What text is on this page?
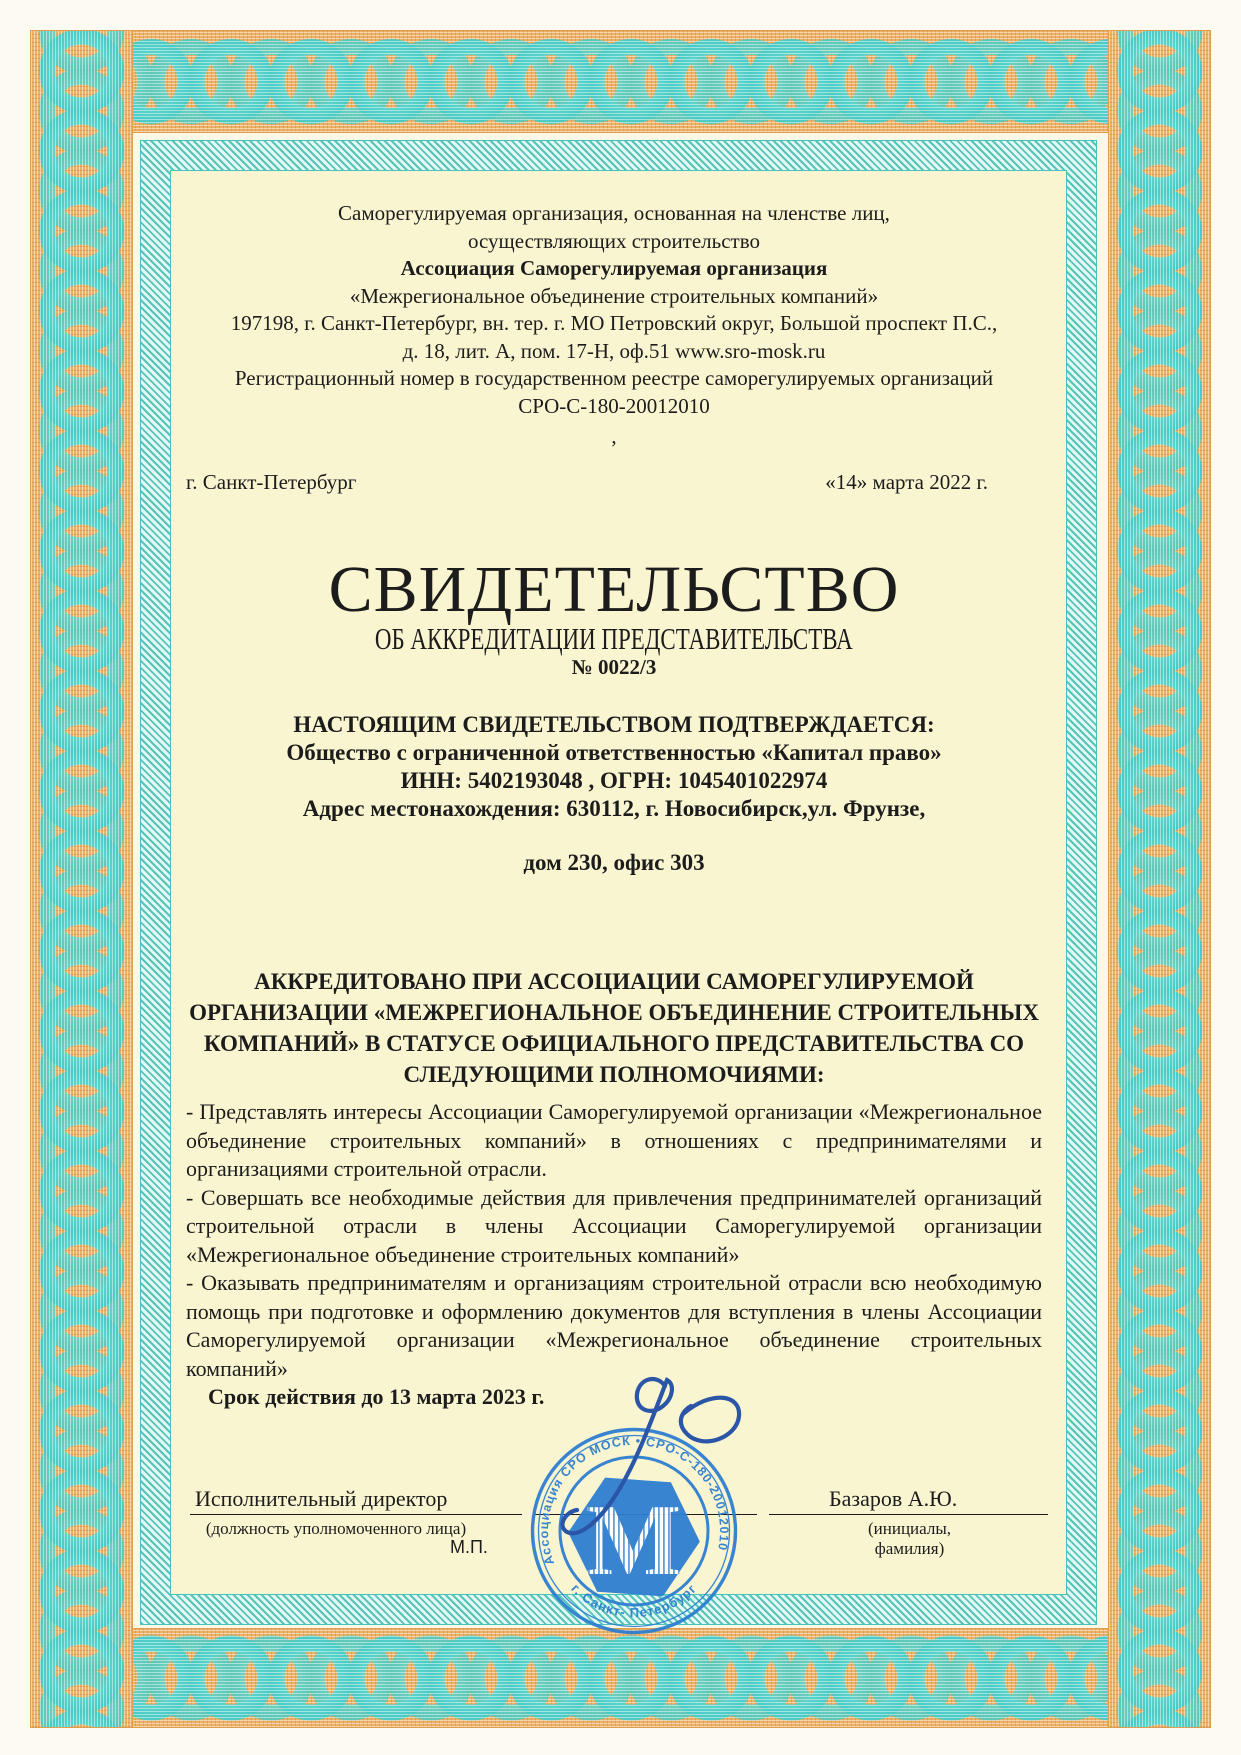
Саморегулируемая организация, основанная на членстве лиц,
осуществляющих строительство
Ассоциация Саморегулируемая организация
«Межрегиональное объединение строительных компаний»
197198, г. Санкт-Петербург, вн. тер. г. МО Петровский округ, Большой проспект П.С.,
д. 18, лит. А, пом. 17-Н, оф.51 www.sro-mosk.ru
Регистрационный номер в государственном реестре саморегулируемых организаций
СРО-С-180-20012010
,
г. Санкт-Петербург	«14» марта 2022 г.
СВИДЕТЕЛЬСТВО
ОБ АККРЕДИТАЦИИ ПРЕДСТАВИТЕЛЬСТВА
№ 0022/3
НАСТОЯЩИМ СВИДЕТЕЛЬСТВОМ ПОДТВЕРЖДАЕТСЯ:
Общество с ограниченной ответственностью «Капитал право»
ИНН: 5402193048 , ОГРН: 1045401022974
Адрес местонахождения: 630112, г. Новосибирск,ул. Фрунзе,
дом 230, офис 303
АККРЕДИТОВАНО ПРИ АССОЦИАЦИИ САМОРЕГУЛИРУЕМОЙ
ОРГАНИЗАЦИИ «МЕЖРЕГИОНАЛЬНОЕ ОБЪЕДИНЕНИЕ СТРОИТЕЛЬНЫХ
КОМПАНИЙ» В СТАТУСЕ ОФИЦИАЛЬНОГО ПРЕДСТАВИТЕЛЬСТВА СО
СЛЕДУЮЩИМИ ПОЛНОМОЧИЯМИ:

- Представлять интересы Ассоциации Саморегулируемой организации «Межрегиональное объединение строительных компаний» в отношениях с предпринимателями и организациями строительной отрасли.

- Совершать все необходимые действия для привлечения предпринимателей организаций строительной отрасли в члены Ассоциации Саморегулируемой организации «Межрегиональное объединение строительных компаний»

- Оказывать предпринимателям и организациям строительной отрасли всю необходимую помощь при подготовке и оформлению документов для вступления в члены Ассоциации Саморегулируемой организации «Межрегиональное объединение строительных компаний»

Срок действия до 13 марта 2023 г.
Исполнительный директор	Базаров А.Ю.
(должность уполномоченного лица)	(инициалы, фамилия)
М.П.
Ассоциация СРО МОСК • СРО-С-180-20012010
г. Санкт- Петербург
М
